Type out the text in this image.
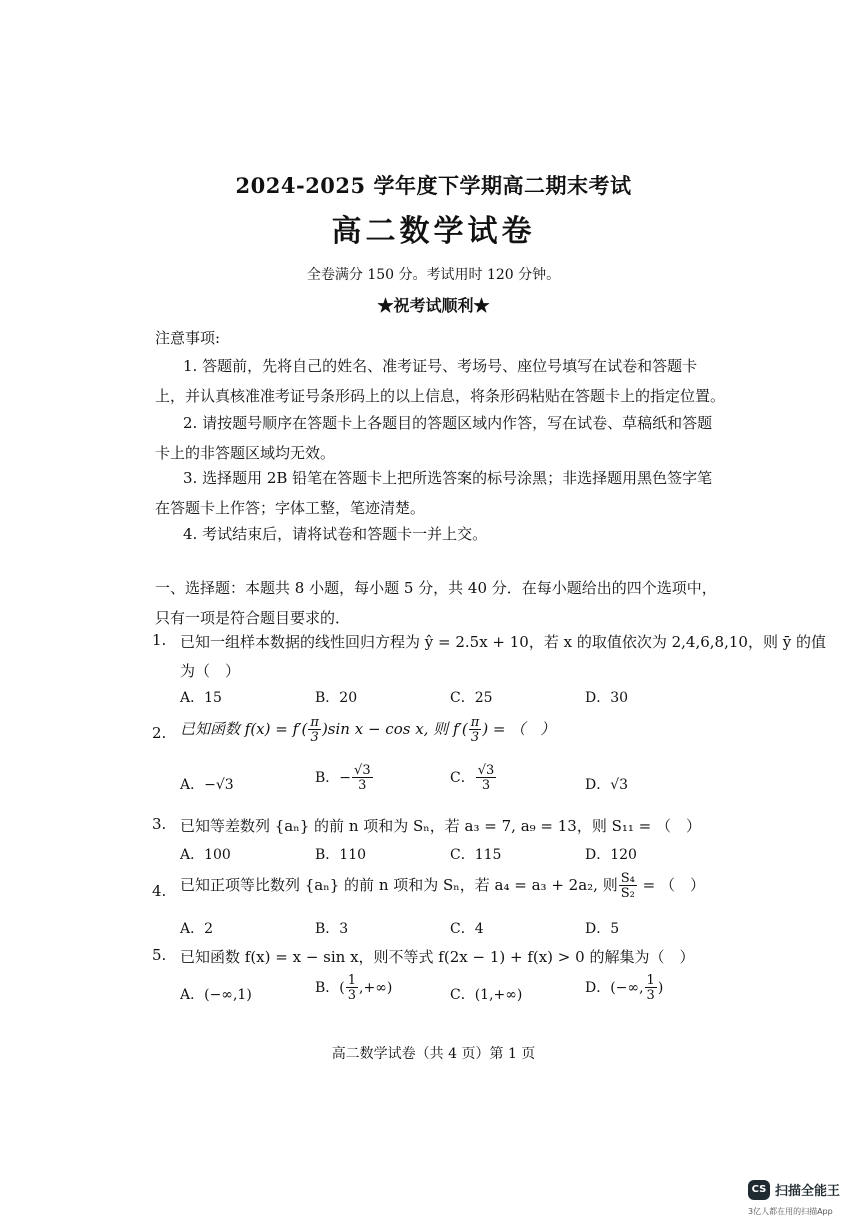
2024-2025 学年度下学期高二期末考试
高二数学试卷
全卷满分 150 分。考试用时 120 分钟。
★祝考试顺利★
注意事项:
1. 答题前，先将自己的姓名、准考证号、考场号、座位号填写在试卷和答题卡上，并认真核准准考证号条形码上的以上信息，将条形码粘贴在答题卡上的指定位置。
2. 请按题号顺序在答题卡上各题目的答题区域内作答，写在试卷、草稿纸和答题卡上的非答题区域均无效。
3. 选择题用 2B 铅笔在答题卡上把所选答案的标号涂黑；非选择题用黑色签字笔在答题卡上作答；字体工整，笔迹清楚。
4. 考试结束后，请将试卷和答题卡一并上交。
一、选择题：本题共 8 小题，每小题 5 分，共 40 分．在每小题给出的四个选项中，只有一项是符合题目要求的．
1. 已知一组样本数据的线性回归方程为 ŷ = 2.5x + 10，若 x 的取值依次为 2,4,6,8,10，则 ȳ 的值
为（　）
A．15	B．20	C．25	D．30
2. 已知函数 $f(x) = f'( \frac{\pi}{3} )\sin$ x − cos x, 则 $f'( \frac{\pi}{3}$ ) = （　）
A．−√3	B．− $\frac{√3}{3}$	C． $\frac{√3}{3}$	D．√3
3. 已知等差数列 {aₙ} 的前 n 项和为 Sₙ，若 a₃ = 7, a₉ = 13，则 S₁₁ = （　）
A．100	B．110	C．115	D．120
4. 已知正项等比数列 {aₙ} 的前 n 项和为 Sₙ，若 a₄ = a₃ + 2a₂, 则 $\frac{\text{S₄}}{\text{S₂}}$ = （　）
A．2	B．3	C．4	D．5
5. 已知函数 f(x) = x − sin x，则不等式 f(2x − 1) + f(x) > 0 的解集为（　）
A．(−∞,1)	B．( $\frac{1}{3}$ ,+∞)	C．(1,+∞)	D．(−∞, $\frac{1}{3}$ )
高二数学试卷（共 4 页）第 1 页
CS 扫描全能王
3亿人都在用的扫描App
